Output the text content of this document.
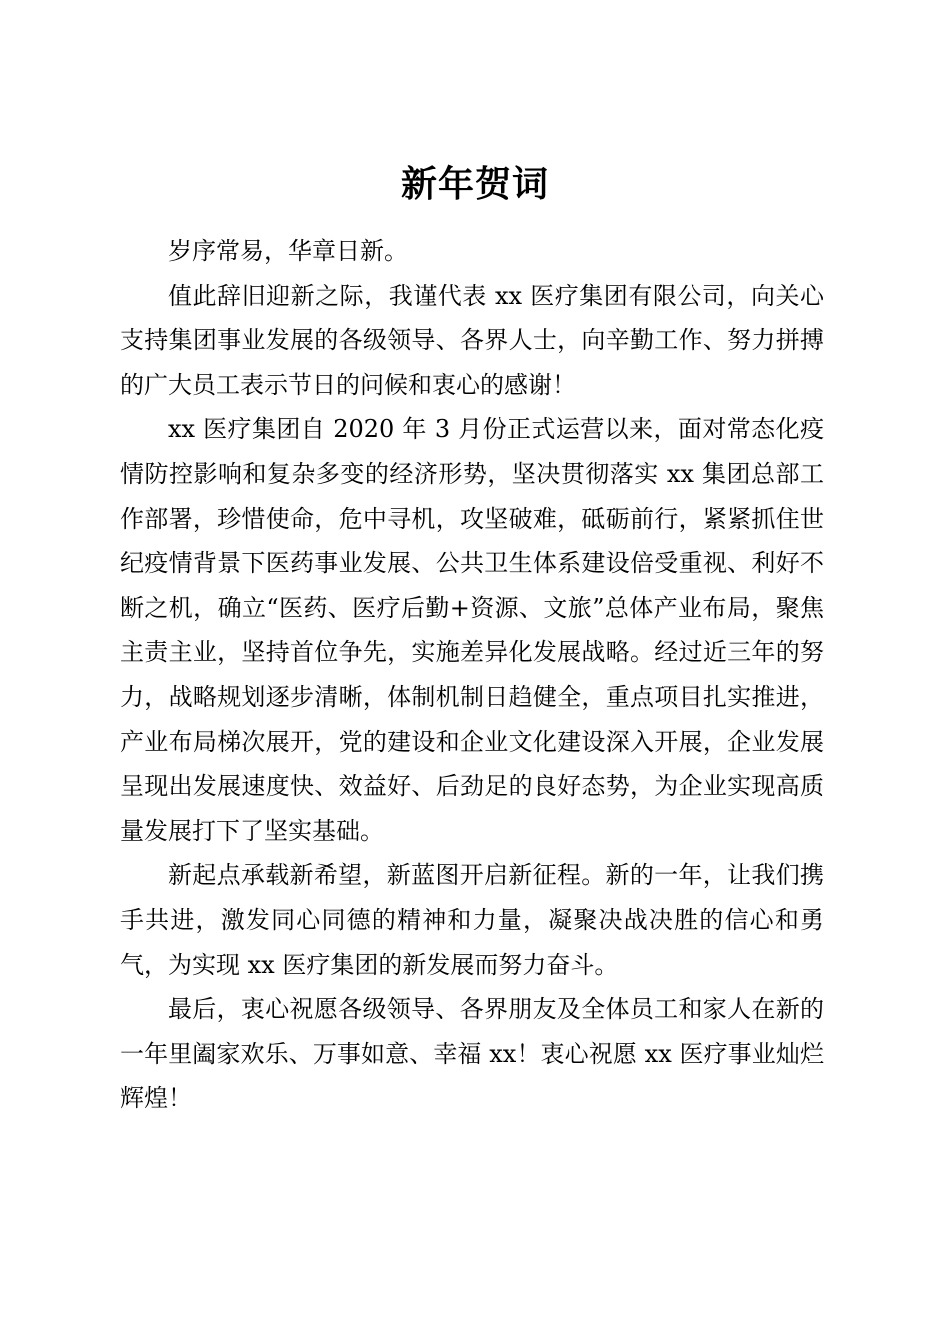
新年贺词

岁序常易，华章日新。

值此辞旧迎新之际，我谨代表 xx 医疗集团有限公司，向关心支持集团事业发展的各级领导、各界人士，向辛勤工作、努力拼搏的广大员工表示节日的问候和衷心的感谢！

xx 医疗集团自 2020 年 3 月份正式运营以来，面对常态化疫情防控影响和复杂多变的经济形势，坚决贯彻落实 xx 集团总部工作部署，珍惜使命，危中寻机，攻坚破难，砥砺前行，紧紧抓住世纪疫情背景下医药事业发展、公共卫生体系建设倍受重视、利好不断之机，确立“医药、医疗后勤+资源、文旅”总体产业布局，聚焦主责主业，坚持首位争先，实施差异化发展战略。经过近三年的努力，战略规划逐步清晰，体制机制日趋健全，重点项目扎实推进，产业布局梯次展开，党的建设和企业文化建设深入开展，企业发展呈现出发展速度快、效益好、后劲足的良好态势，为企业实现高质量发展打下了坚实基础。

新起点承载新希望，新蓝图开启新征程。新的一年，让我们携手共进，激发同心同德的精神和力量，凝聚决战决胜的信心和勇气，为实现 xx 医疗集团的新发展而努力奋斗。

最后，衷心祝愿各级领导、各界朋友及全体员工和家人在新的一年里阖家欢乐、万事如意、幸福 xx！衷心祝愿 xx 医疗事业灿烂辉煌！
